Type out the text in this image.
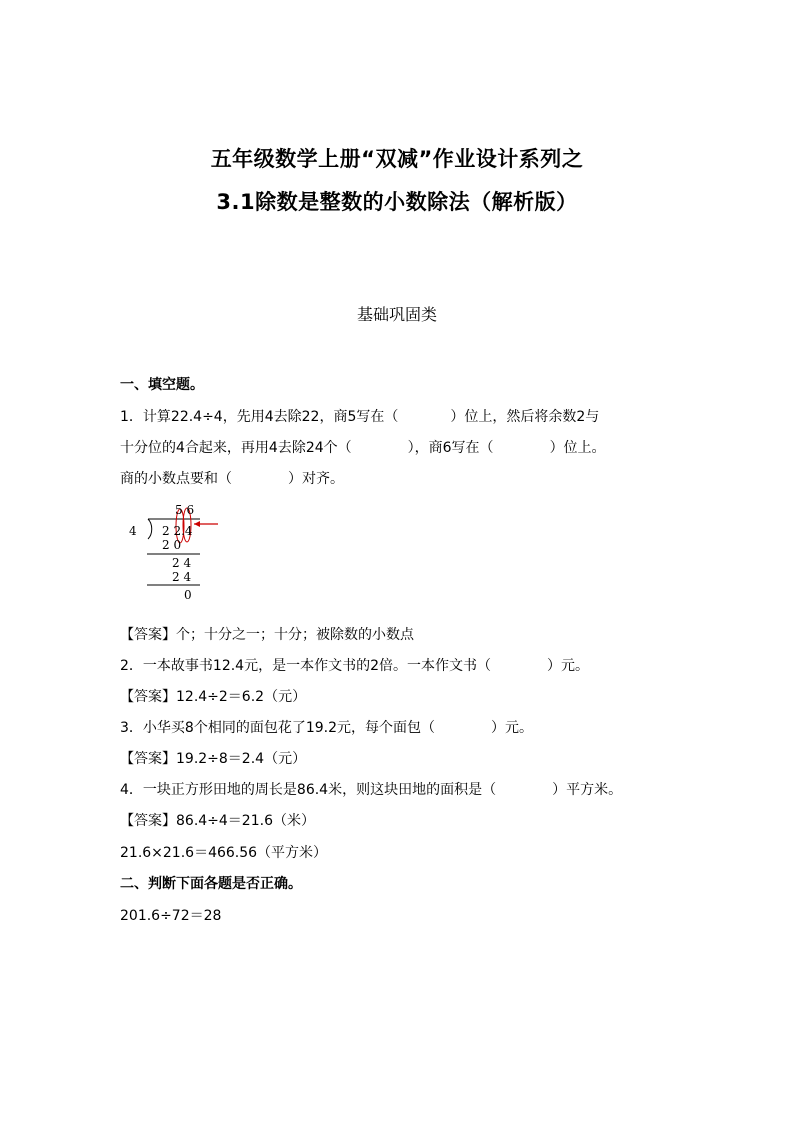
五年级数学上册“双减”作业设计系列之
3.1除数是整数的小数除法（解析版）
基础巩固类
一、填空题。
1．计算22.4÷4，先用4去除22，商5写在（	）位上，然后将余数2与
十分位的4合起来，再用4去除24个（	），商6写在（	）位上。
商的小数点要和（	）对齐。
4
5 6
2 2.4
2 0
2 4
2 4
0
【答案】个；十分之一；十分；被除数的小数点
2．一本故事书12.4元，是一本作文书的2倍。一本作文书（	）元。
【答案】12.4÷2＝6.2（元）
3．小华买8个相同的面包花了19.2元，每个面包（	）元。
【答案】19.2÷8＝2.4（元）
4．一块正方形田地的周长是86.4米，则这块田地的面积是（	）平方米。
【答案】86.4÷4＝21.6（米）
21.6×21.6＝466.56（平方米）
二、判断下面各题是否正确。
201.6÷72＝28
